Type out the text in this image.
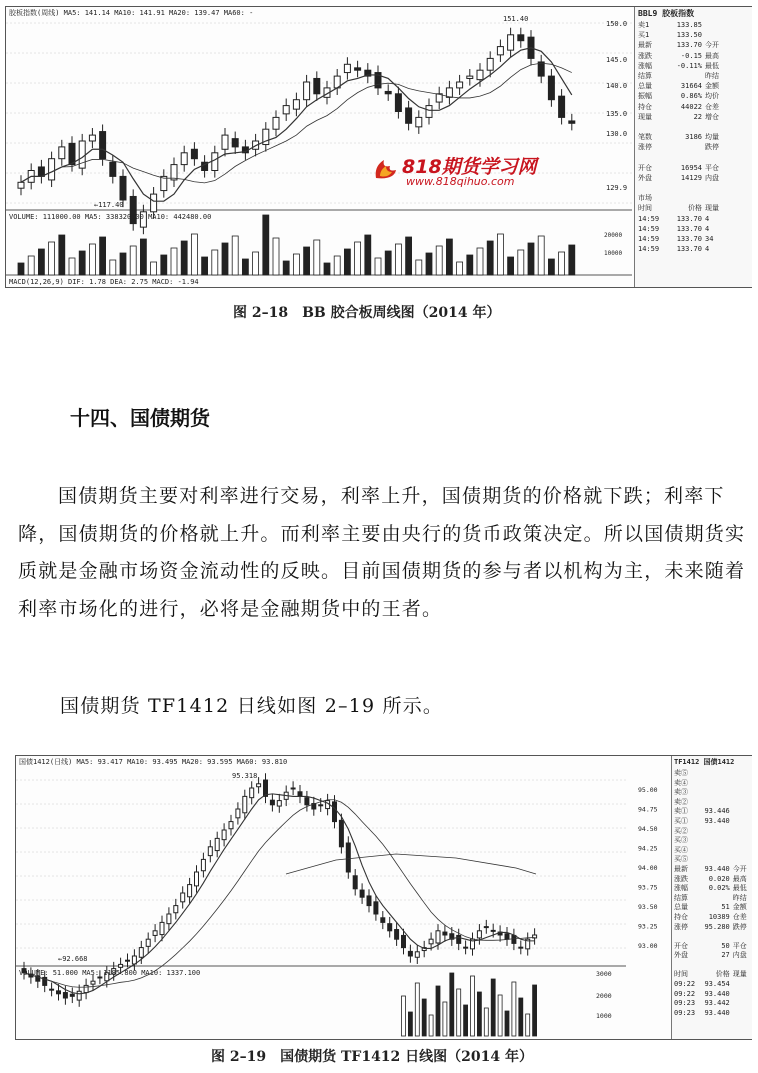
胶板指数(周线) MA5: 141.14 MA10: 141.91 MA20: 139.47 MA60: -
150.0
145.0
140.0
135.0
130.0
129.9
20000
10000
151.40
←117.40
VOLUME: 111000.00 MA5: 338320.00 MA10: 442480.00
MACD(12,26,9) DIF: 1.78 DEA: 2.75 MACD: -1.94
BBL9 胶板指数
卖1	133.85
买1	133.50
最新	133.70 今开
涨跌	-0.15 最高
涨幅	-0.11% 最低
结算	昨结
总量	31664 金额
振幅	0.86% 均价
持仓	44022 仓差
现量	22 增仓
笔数	3186 均量
涨停	跌停
开仓	16954 平仓
外盘	14129 内盘
市场
时间	价格 现量
14:59	133.70 4
14:59	133.70 4
14:59	133.70 34
14:59	133.70 4
818期货学习网
www.818qihuo.com
图 2–18　BB 胶合板周线图（2014 年）
十四、国债期货

国债期货主要对利率进行交易，利率上升，国债期货的价格就下跌；利率下降，国债期货的价格就上升。而利率主要由央行的货币政策决定。所以国债期货实质就是金融市场资金流动性的反映。目前国债期货的参与者以机构为主，未来随着利率市场化的进行，必将是金融期货中的王者。

国债期货 TF1412 日线如图 2–19 所示。

国债1412(日线) MA5: 93.417 MA10: 93.495 MA20: 93.595 MA60: 93.810
95.00
94.75
94.50
94.25
94.00
93.75
93.50
93.25
93.00
3000
2000
1000
95.318
←92.668
VOLUME: 51.000 MA5: 1185.800 MA10: 1337.100
TF1412 国债1412
卖⑤
卖④
卖③
卖②
卖①	93.446
买①	93.440
买②
买③
买④
买⑤
最新	93.440 今开
涨跌	0.020 最高
涨幅	0.02% 最低
结算	昨结
总量	51 金额
持仓	10389 仓差
涨停	95.280 跌停
开仓	50 平仓
外盘	27 内盘
时间	价格 现量
09:22	93.454
09:22	93.440
09:23	93.442
09:23	93.440
图 2–19　国债期货 TF1412 日线图（2014 年）
